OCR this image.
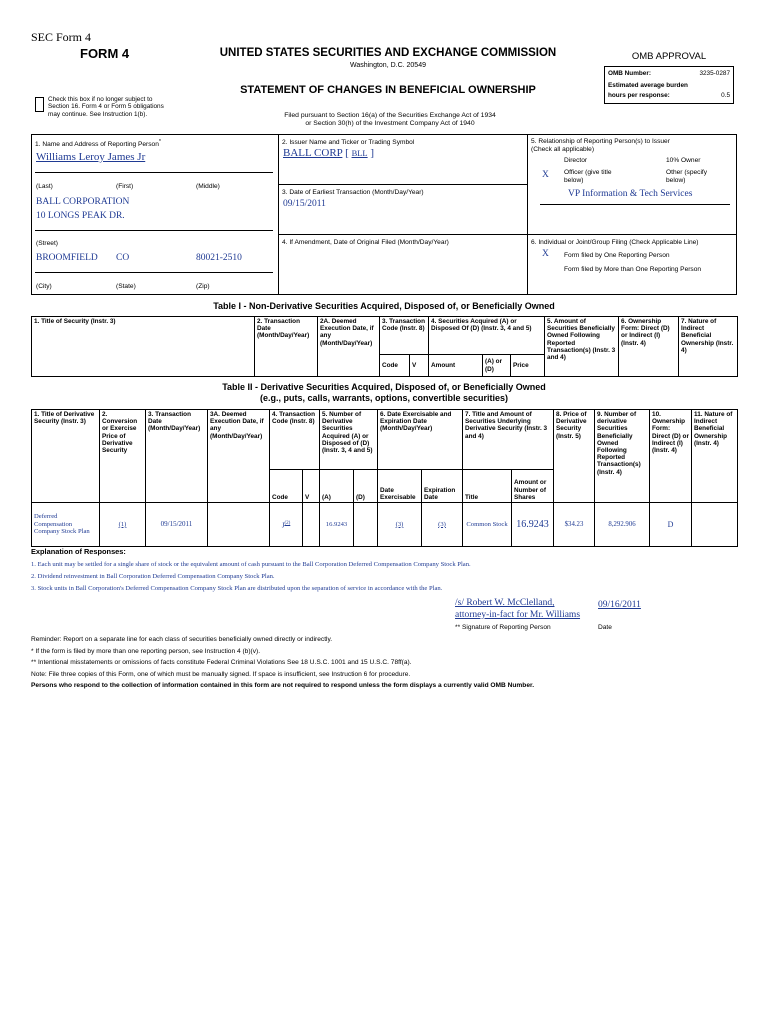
SEC Form 4
FORM 4	UNITED STATES SECURITIES AND EXCHANGE COMMISSION
Washington, D.C. 20549
STATEMENT OF CHANGES IN BENEFICIAL OWNERSHIP
Check this box if no longer subject to
Section 16. Form 4 or Form 5 obligations
may continue. See Instruction 1(b).	Filed pursuant to Section 16(a) of the Securities Exchange Act of 1934
or Section 30(h) of the Investment Company Act of 1940
OMB APPROVAL
OMB Number:	3235-0287
Estimated average burden
hours per response:	0.5
1. Name and Address of Reporting Person*
Williams Leroy James Jr
(Last)	(First)	(Middle)
BALL CORPORATION
10 LONGS PEAK DR.
(Street)
BROOMFIELD CO	80021-2510
(City)	(State)	(Zip)
2. Issuer Name and Ticker or Trading Symbol
BALL CORP [ BLL ]
3. Date of Earliest Transaction (Month/Day/Year)
09/15/2011
4. If Amendment, Date of Original Filed (Month/Day/Year)
5. Relationship of Reporting Person(s) to Issuer
(Check all applicable)
Director	10% Owner
X Officer (give title
below)
Other (specify
below)
VP Information & Tech Services
6. Individual or Joint/Group Filing (Check Applicable Line)
X Form filed by One Reporting Person
Form filed by More than One Reporting Person
Table I - Non-Derivative Securities Acquired, Disposed of, or Beneficially Owned
1. Title of Security (Instr. 3)	2. Transaction Date (Month/Day/Year)	2A. Deemed Execution Date, if any (Month/Day/Year)	3. Transaction Code (Instr. 8)		4. Securities Acquired (A) or Disposed Of (D) (Instr. 3, 4 and 5)			5. Amount of Securities Beneficially Owned Following Reported Transaction(s) (Instr. 3 and 4)	6. Ownership Form: Direct (D) or Indirect (I) (Instr. 4)	7. Nature of Indirect Beneficial Ownership (Instr. 4)
			Code	V	Amount	(A) or (D)	Price			
Table II - Derivative Securities Acquired, Disposed of, or Beneficially Owned
(e.g., puts, calls, warrants, options, convertible securities)
1. Title of Derivative Security (Instr. 3)	2. Conversion or Exercise Price of Derivative Security	3. Transaction Date (Month/Day/Year)	3A. Deemed Execution Date, if any (Month/Day/Year)	4. Transaction Code (Instr. 8)		5. Number of Derivative Securities Acquired (A) or Disposed of (D) (Instr. 3, 4 and 5)		6. Date Exercisable and Expiration Date (Month/Day/Year)		7. Title and Amount of Securities Underlying Derivative Security (Instr. 3 and 4)		8. Price of Derivative Security (Instr. 5)	9. Number of derivative Securities Beneficially Owned Following Reported Transaction(s) (Instr. 4)	10. Ownership Form: Direct (D) or Indirect (I) (Instr. 4)	11. Nature of Indirect Beneficial Ownership (Instr. 4)
				Code	V	(A)	(D)	Date Exercisable	Expiration Date	Title	Amount or Number of Shares				
Deferred Compensation Company Stock Plan	(1)	09/15/2011		$J^{(2)}$		16.9243		(3)	(3)	Common Stock	16.9243	$34.23	8,292.906	D	
Explanation of Responses:
1. Each unit may be settled for a single share of stock or the equivalent amount of cash pursuant to the Ball Corporation Deferred Compensation Company Stock Plan.
2. Dividend reinvestment in Ball Corporation Deferred Compensation Company Stock Plan.
3. Stock units in Ball Corporation's Deferred Compensation Company Stock Plan are distributed upon the separation of service in accordance with the Plan.
/s/ Robert W. McClelland,
attorney-in-fact for Mr. Williams
09/16/2011
** Signature of Reporting Person	Date
Reminder: Report on a separate line for each class of securities beneficially owned directly or indirectly.
* If the form is filed by more than one reporting person, see Instruction 4 (b)(v).
** Intentional misstatements or omissions of facts constitute Federal Criminal Violations See 18 U.S.C. 1001 and 15 U.S.C. 78ff(a).
Note: File three copies of this Form, one of which must be manually signed. If space is insufficient, see Instruction 6 for procedure.
Persons who respond to the collection of information contained in this form are not required to respond unless the form displays a currently valid OMB Number.
